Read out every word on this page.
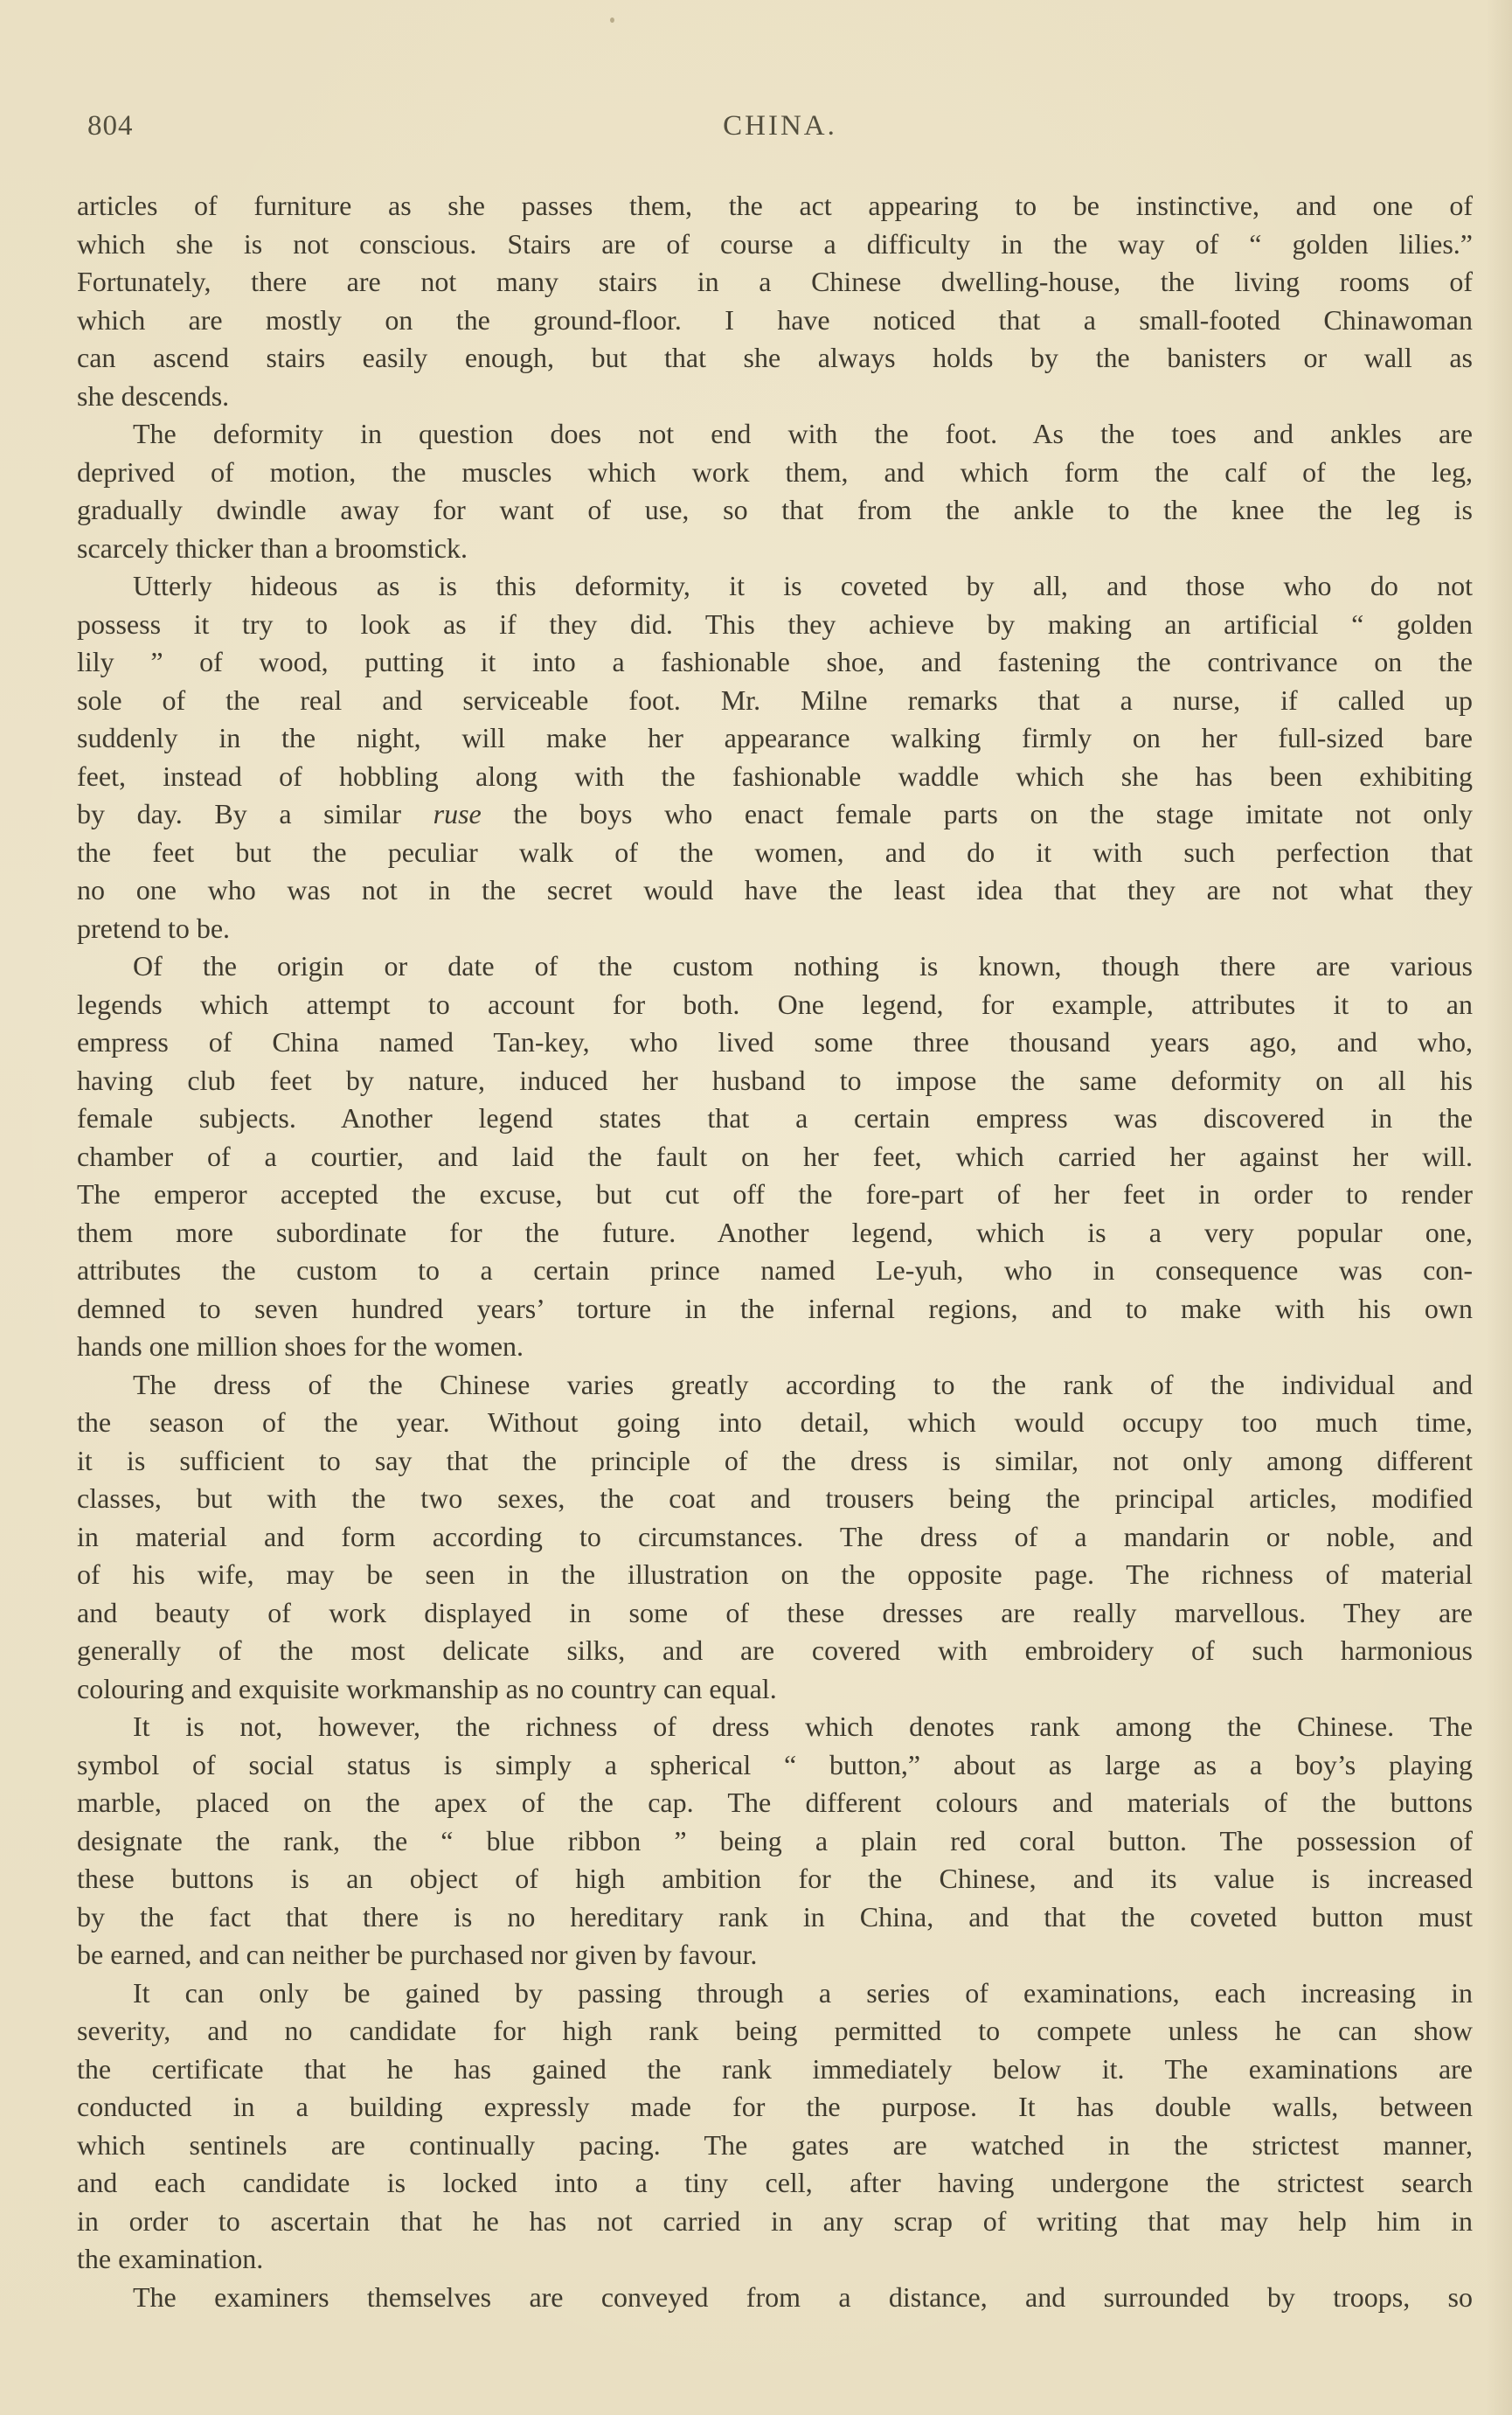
804	CHINA.

articles of furniture as she passes them, the act appearing to be instinctive, and one of
which she is not conscious. Stairs are of course a difficulty in the way of “ golden lilies.”
Fortunately, there are not many stairs in a Chinese dwelling-house, the living rooms of
which are mostly on the ground-floor. I have noticed that a small-footed Chinawoman
can ascend stairs easily enough, but that she always holds by the banisters or wall as
she descends.

The deformity in question does not end with the foot. As the toes and ankles are
deprived of motion, the muscles which work them, and which form the calf of the leg,
gradually dwindle away for want of use, so that from the ankle to the knee the leg is
scarcely thicker than a broomstick.

Utterly hideous as is this deformity, it is coveted by all, and those who do not
possess it try to look as if they did. This they achieve by making an artificial “ golden
lily ” of wood, putting it into a fashionable shoe, and fastening the contrivance on the
sole of the real and serviceable foot. Mr. Milne remarks that a nurse, if called up
suddenly in the night, will make her appearance walking firmly on her full-sized bare
feet, instead of hobbling along with the fashionable waddle which she has been exhibiting
by day. By a similar ruse the boys who enact female parts on the stage imitate not only
the feet but the peculiar walk of the women, and do it with such perfection that
no one who was not in the secret would have the least idea that they are not what they
pretend to be.

Of the origin or date of the custom nothing is known, though there are various
legends which attempt to account for both. One legend, for example, attributes it to an
empress of China named Tan-key, who lived some three thousand years ago, and who,
having club feet by nature, induced her husband to impose the same deformity on all his
female subjects. Another legend states that a certain empress was discovered in the
chamber of a courtier, and laid the fault on her feet, which carried her against her will.
The emperor accepted the excuse, but cut off the fore-part of her feet in order to render
them more subordinate for the future. Another legend, which is a very popular one,
attributes the custom to a certain prince named Le-yuh, who in consequence was con-
demned to seven hundred years’ torture in the infernal regions, and to make with his own
hands one million shoes for the women.

The dress of the Chinese varies greatly according to the rank of the individual and
the season of the year. Without going into detail, which would occupy too much time,
it is sufficient to say that the principle of the dress is similar, not only among different
classes, but with the two sexes, the coat and trousers being the principal articles, modified
in material and form according to circumstances. The dress of a mandarin or noble, and
of his wife, may be seen in the illustration on the opposite page. The richness of material
and beauty of work displayed in some of these dresses are really marvellous. They are
generally of the most delicate silks, and are covered with embroidery of such harmonious
colouring and exquisite workmanship as no country can equal.

It is not, however, the richness of dress which denotes rank among the Chinese. The
symbol of social status is simply a spherical “ button,” about as large as a boy’s playing
marble, placed on the apex of the cap. The different colours and materials of the buttons
designate the rank, the “ blue ribbon ” being a plain red coral button. The possession of
these buttons is an object of high ambition for the Chinese, and its value is increased
by the fact that there is no hereditary rank in China, and that the coveted button must
be earned, and can neither be purchased nor given by favour.

It can only be gained by passing through a series of examinations, each increasing in
severity, and no candidate for high rank being permitted to compete unless he can show
the certificate that he has gained the rank immediately below it. The examinations are
conducted in a building expressly made for the purpose. It has double walls, between
which sentinels are continually pacing. The gates are watched in the strictest manner,
and each candidate is locked into a tiny cell, after having undergone the strictest search
in order to ascertain that he has not carried in any scrap of writing that may help him in
the examination.

The examiners themselves are conveyed from a distance, and surrounded by troops, so
